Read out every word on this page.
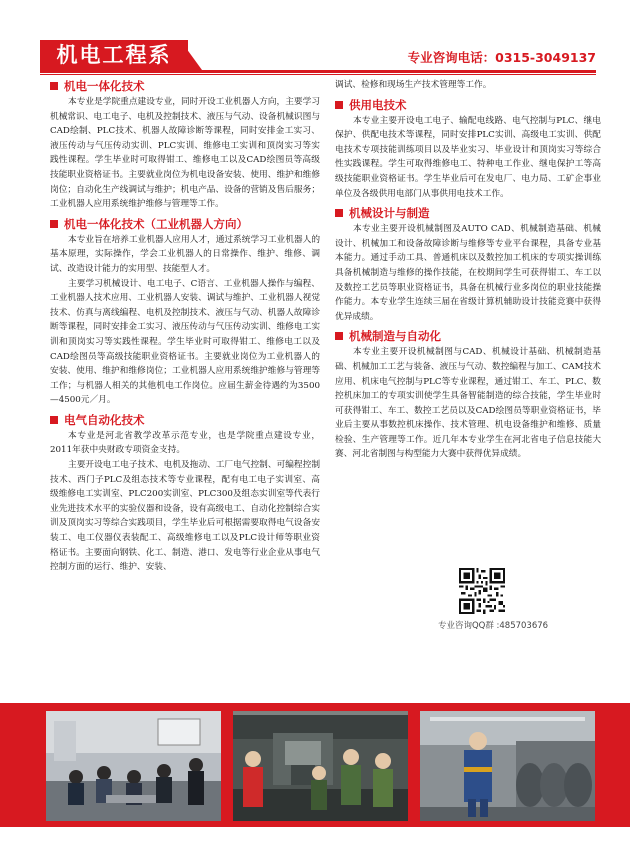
机电工程系	专业咨询电话：0315-3049137
机电一体化技术

本专业是学院重点建设专业，同时开设工业机器人方向，主要学习机械常识、电工电子、电机及控制技术、液压与气动、设备机械识图与CAD绘制、PLC技术、机器人故障诊断等课程，同时安排金工实习、液压传动与气压传动实训、PLC实训、维修电工实训和顶岗实习等实践性课程。学生毕业时可取得钳工、维修电工以及CAD绘图员等高级技能职业资格证书。主要就业岗位为机电设备安装、使用、维护和维修岗位；自动化生产线调试与维护；机电产品、设备的营销及售后服务；工业机器人应用系统维护维修与管理等工作。

机电一体化技术（工业机器人方向）

本专业旨在培养工业机器人应用人才，通过系统学习工业机器人的基本原理，实际操作，学会工业机器人的日常操作、维护、维修、调试、改造设计能力的实用型、技能型人才。

主要学习机械设计、电工电子、C语言、工业机器人操作与编程、工业机器人技术应用、工业机器人安装、调试与维护、工业机器人视觉技术、仿真与离线编程、电机及控制技术、液压与气动、机器人故障诊断等课程，同时安排金工实习、液压传动与气压传动实训、维修电工实训和顶岗实习等实践性课程。学生毕业时可取得钳工、维修电工以及CAD绘图员等高级技能职业资格证书。主要就业岗位为工业机器人的安装、使用、维护和维修岗位；工业机器人应用系统维护维修与管理等工作；与机器人相关的其他机电工作岗位。应届生薪金待遇约为3500—4500元／月。

电气自动化技术

本专业是河北省教学改革示范专业，也是学院重点建设专业，2011年获中央财政专项资金支持。

主要开设电工电子技术、电机及拖动、工厂电气控制、可编程控制技术、西门子PLC及组态技术等专业课程，配有电工电子实训室、高级维修电工实训室、PLC200实训室、PLC300及组态实训室等代表行业先进技术水平的实验仪器和设备，设有高级电工、自动化控制综合实训及顶岗实习等综合实践项目，学生毕业后可根据需要取得电气设备安装工、电工仪器仪表装配工、高级维修电工以及PLC设计师等职业资格证书。主要面向钢铁、化工、制造、港口、发电等行业企业从事电气控制方面的运行、维护、安装、

调试、检修和现场生产技术管理等工作。

供用电技术

本专业主要开设电工电子、输配电线路、电气控制与PLC、继电保护、供配电技术等课程，同时安排PLC实训、高级电工实训、供配电技术专项技能训练项目以及毕业实习、毕业设计和顶岗实习等综合性实践课程。学生可取得维修电工、特种电工作业、继电保护工等高级技能职业资格证书。学生毕业后可在发电厂、电力局、工矿企事业单位及各级供用电部门从事供用电技术工作。

机械设计与制造

本专业主要开设机械制图及AUTO CAD、机械制造基础、机械设计、机械加工和设备故障诊断与维修等专业平台课程，具备专业基本能力。通过手动工具、普通机床以及数控加工机床的专项实操训练具备机械制造与维修的操作技能，在校期间学生可获得钳工、车工以及数控工艺员等职业资格证书，具备在机械行业多岗位的职业技能操作能力。本专业学生连续三届在省级计算机辅助设计技能竞赛中获得优异成绩。

机械制造与自动化

本专业主要开设机械制图与CAD、机械设计基础、机械制造基础、机械加工工艺与装备、液压与气动、数控编程与加工、CAM技术应用、机床电气控制与PLC等专业课程，通过钳工、车工、PLC、数控机床加工的专项实训使学生具备智能制造的综合技能，学生毕业时可获得钳工、车工、数控工艺员以及CAD绘图员等职业资格证书，毕业后主要从事数控机床操作、技术管理、机电设备维护和维修、质量检验、生产管理等工作。近几年本专业学生在河北省电子信息技能大赛、河北省制图与构型能力大赛中获得优异成绩。

专业咨询QQ群 :485703676
